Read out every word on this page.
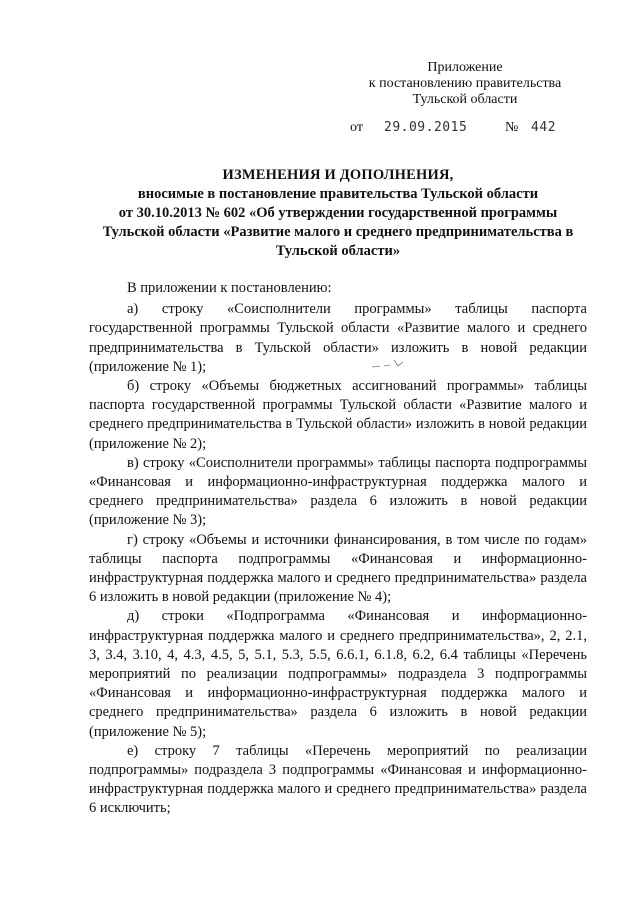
Приложение
к постановлению правительства
Тульской области
от 29.09.2015	№ 442
ИЗМЕНЕНИЯ И ДОПОЛНЕНИЯ,
вносимые в постановление правительства Тульской области
от 30.10.2013 № 602 «Об утверждении государственной программы
Тульской области «Развитие малого и среднего предпринимательства в
Тульской области»

В приложении к постановлению:

а) строку «Соисполнители программы» таблицы паспорта государственной программы Тульской области «Развитие малого и среднего предпринимательства в Тульской области» изложить в новой редакции (приложение № 1);

б) строку «Объемы бюджетных ассигнований программы» таблицы паспорта государственной программы Тульской области «Развитие малого и среднего предпринимательства в Тульской области» изложить в новой редакции (приложение № 2);

в) строку «Соисполнители программы» таблицы паспорта подпрограммы «Финансовая и информационно-инфраструктурная поддержка малого и среднего предпринимательства» раздела 6 изложить в новой редакции (приложение № 3);

г) строку «Объемы и источники финансирования, в том числе по годам» таблицы паспорта подпрограммы «Финансовая и информационно-инфраструктурная поддержка малого и среднего предпринимательства» раздела 6 изложить в новой редакции (приложение № 4);

д) строки «Подпрограмма «Финансовая и информационно-инфраструктурная поддержка малого и среднего предпринимательства», 2, 2.1, 3, 3.4, 3.10, 4, 4.3, 4.5, 5, 5.1, 5.3, 5.5, 6.6.1, 6.1.8, 6.2, 6.4 таблицы «Перечень мероприятий по реализации подпрограммы» подраздела 3 подпрограммы «Финансовая и информационно-инфраструктурная поддержка малого и среднего предпринимательства» раздела 6 изложить в новой редакции (приложение № 5);

е) строку 7 таблицы «Перечень мероприятий по реализации подпрограммы» подраздела 3 подпрограммы «Финансовая и информационно-инфраструктурная поддержка малого и среднего предпринимательства» раздела 6 исключить;
